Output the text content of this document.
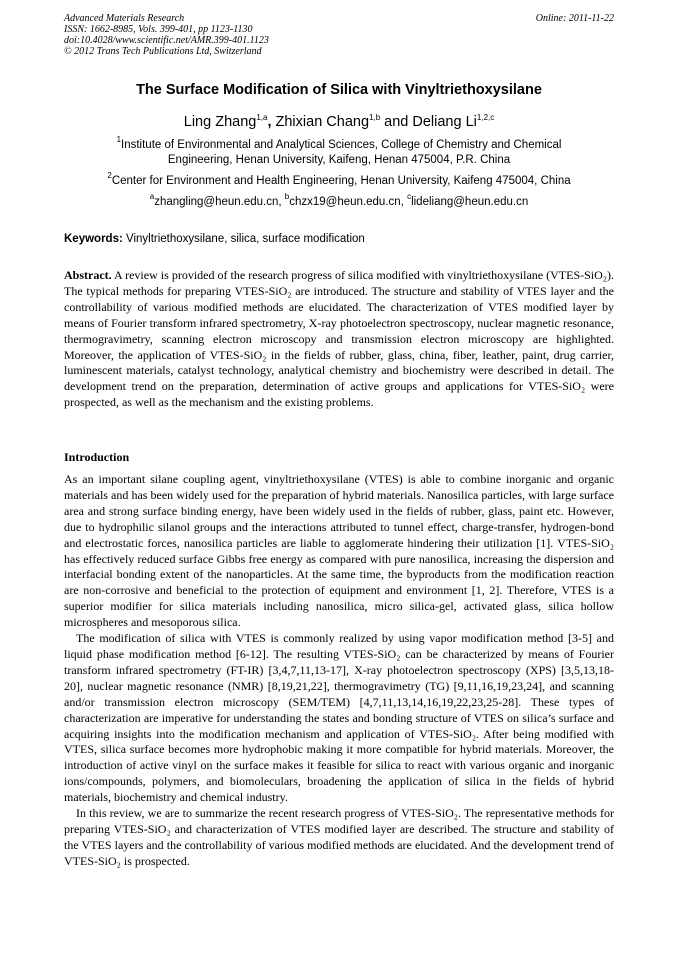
Advanced Materials Research
ISSN: 1662-8985, Vols. 399-401, pp 1123-1130
doi:10.4028/www.scientific.net/AMR.399-401.1123
© 2012 Trans Tech Publications Ltd, Switzerland
Online: 2011-11-22
The Surface Modification of Silica with Vinyltriethoxysilane
Ling Zhang$^{1,a}$, Zhixian Chang$^{1,b}$ and Deliang Li$^{1,2,c}$
$^1$Institute of Environmental and Analytical Sciences, College of Chemistry and Chemical
Engineering, Henan University, Kaifeng, Henan 475004, P.R. China
$^2$Center for Environment and Health Engineering, Henan University, Kaifeng 475004, China
$^a$zhangling@heun.edu.cn, $^b$chzx19@heun.edu.cn, $^c$lideliang@heun.edu.cn
Keywords: Vinyltriethoxysilane, silica, surface modification

Abstract. A review is provided of the research progress of silica modified with vinyltriethoxysilane (VTES-SiO₂). The typical methods for preparing VTES-SiO₂ are introduced. The structure and stability of VTES layer and the controllability of various modified methods are elucidated. The characterization of VTES modified layer by means of Fourier transform infrared spectrometry, X-ray photoelectron spectroscopy, nuclear magnetic resonance, thermogravimetry, scanning electron microscopy and transmission electron microscopy are highlighted. Moreover, the application of VTES-SiO₂ in the fields of rubber, glass, china, fiber, leather, paint, drug carrier, luminescent materials, catalyst technology, analytical chemistry and biochemistry were described in detail. The development trend on the preparation, determination of active groups and applications for VTES-SiO₂ were prospected, as well as the mechanism and the existing problems.

Introduction

As an important silane coupling agent, vinyltriethoxysilane (VTES) is able to combine inorganic and organic materials and has been widely used for the preparation of hybrid materials. Nanosilica particles, with large surface area and strong surface binding energy, have been widely used in the fields of rubber, glass, paint etc. However, due to hydrophilic silanol groups and the interactions attributed to tunnel effect, charge-transfer, hydrogen-bond and electrostatic forces, nanosilica particles are liable to agglomerate hindering their utilization [1]. VTES-SiO₂ has effectively reduced surface Gibbs free energy as compared with pure nanosilica, increasing the dispersion and interfacial bonding extent of the nanoparticles. At the same time, the byproducts from the modification reaction are non-corrosive and beneficial to the protection of equipment and environment [1, 2]. Therefore, VTES is a superior modifier for silica materials including nanosilica, micro silica-gel, activated glass, silica hollow microspheres and mesoporous silica.

The modification of silica with VTES is commonly realized by using vapor modification method [3-5] and liquid phase modification method [6-12]. The resulting VTES-SiO₂ can be characterized by means of Fourier transform infrared spectrometry (FT-IR) [3,4,7,11,13-17], X-ray photoelectron spectroscopy (XPS) [3,5,13,18-20], nuclear magnetic resonance (NMR) [8,19,21,22], thermogravimetry (TG) [9,11,16,19,23,24], and scanning and/or transmission electron microscopy (SEM/TEM) [4,7,11,13,14,16,19,22,23,25-28]. These types of characterization are imperative for understanding the states and bonding structure of VTES on silica’s surface and acquiring insights into the modification mechanism and application of VTES-SiO₂. After being modified with VTES, silica surface becomes more hydrophobic making it more compatible for hybrid materials. Moreover, the introduction of active vinyl on the surface makes it feasible for silica to react with various organic and inorganic ions/compounds, polymers, and biomoleculars, broadening the application of silica in the fields of hybrid materials, biochemistry and chemical industry.

In this review, we are to summarize the recent research progress of VTES-SiO₂. The representative methods for preparing VTES-SiO₂ and characterization of VTES modified layer are described. The structure and stability of the VTES layers and the controllability of various modified methods are elucidated. And the development trend of VTES-SiO₂ is prospected.
